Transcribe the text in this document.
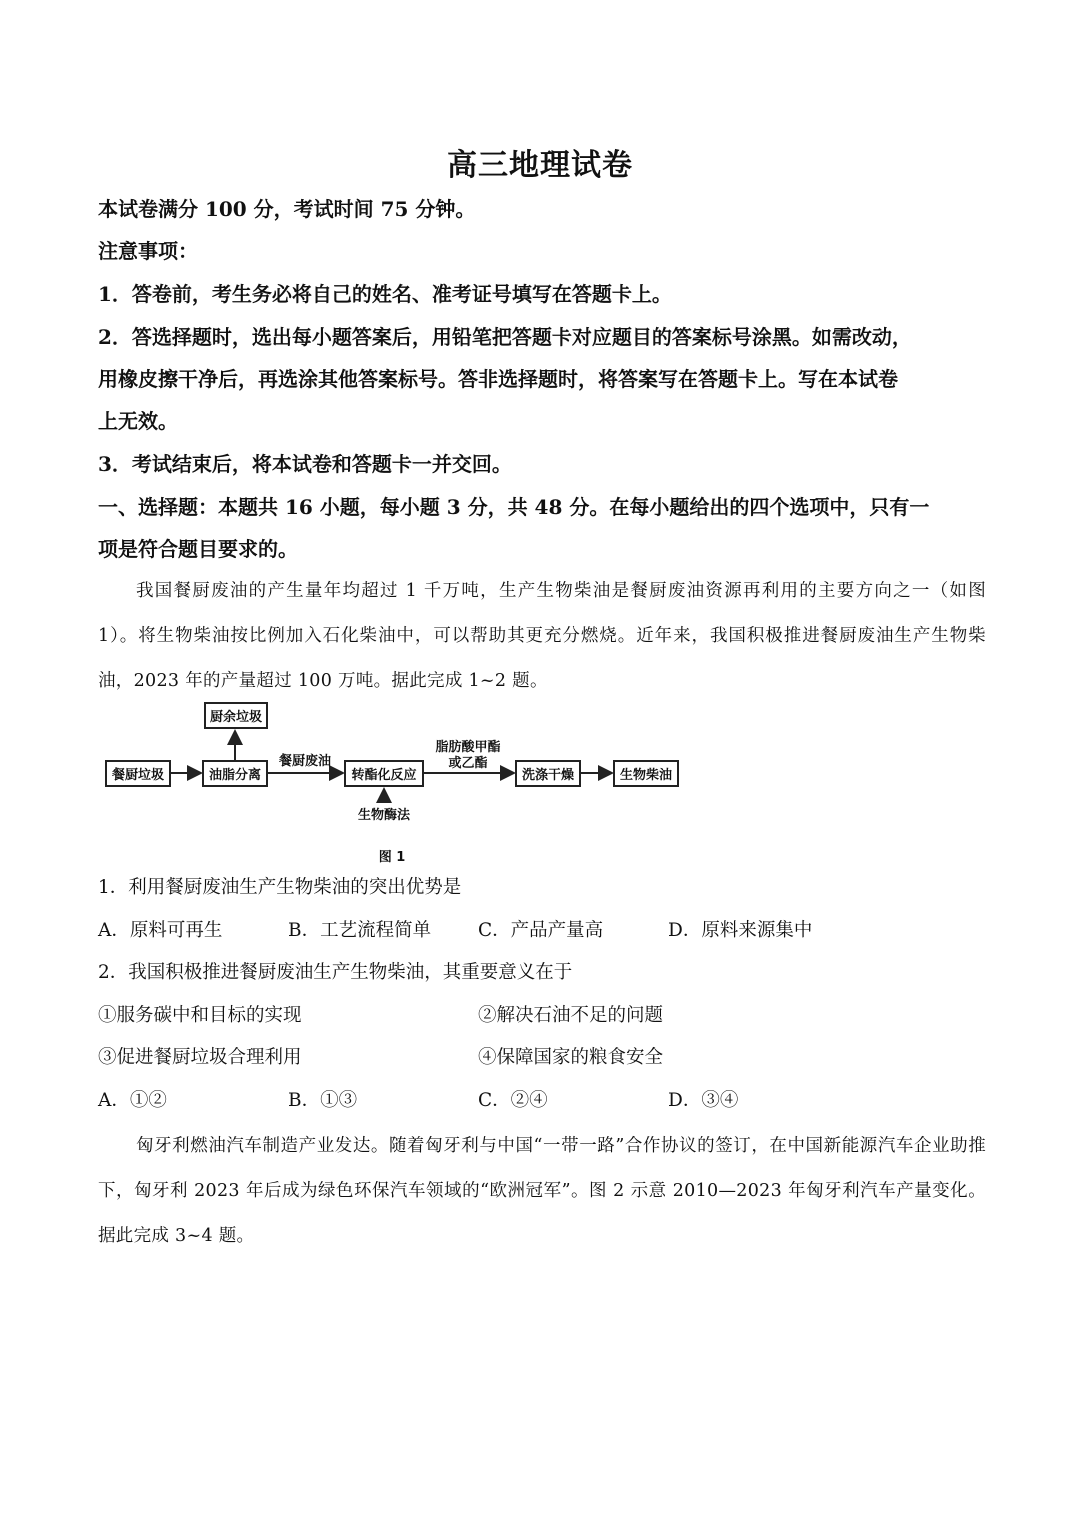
高三地理试卷
本试卷满分 100 分，考试时间 75 分钟。
注意事项：
1．答卷前，考生务必将自己的姓名、准考证号填写在答题卡上。
2．答选择题时，选出每小题答案后，用铅笔把答题卡对应题目的答案标号涂黑。如需改动，
用橡皮擦干净后，再选涂其他答案标号。答非选择题时，将答案写在答题卡上。写在本试卷
上无效。
3．考试结束后，将本试卷和答题卡一并交回。
一、选择题：本题共 16 小题，每小题 3 分，共 48 分。在每小题给出的四个选项中，只有一
项是符合题目要求的。
我国餐厨废油的产生量年均超过 1 千万吨，生产生物柴油是餐厨废油资源再利用的主要方向之一（如图 1）。将生物柴油按比例加入石化柴油中，可以帮助其更充分燃烧。近年来，我国积极推进餐厨废油生产生物柴油，2023 年的产量超过 100 万吨。据此完成 1~2 题。
厨余垃圾
餐厨垃圾	油脂分离	转酯化反应	洗涤干燥	生物柴油
餐厨废油
脂肪酸甲酯
或乙酯
生物酶法
图 1
1．利用餐厨废油生产生物柴油的突出优势是
A．原料可再生	B．工艺流程简单	C．产品产量高	D．原料来源集中
2．我国积极推进餐厨废油生产生物柴油，其重要意义在于
①服务碳中和目标的实现	②解决石油不足的问题
③促进餐厨垃圾合理利用	④保障国家的粮食安全
A．①②	B．①③	C．②④	D．③④
匈牙利燃油汽车制造产业发达。随着匈牙利与中国“一带一路”合作协议的签订，在中国新能源汽车企业助推下，匈牙利 2023 年后成为绿色环保汽车领域的“欧洲冠军”。图 2 示意 2010—2023 年匈牙利汽车产量变化。据此完成 3~4 题。
